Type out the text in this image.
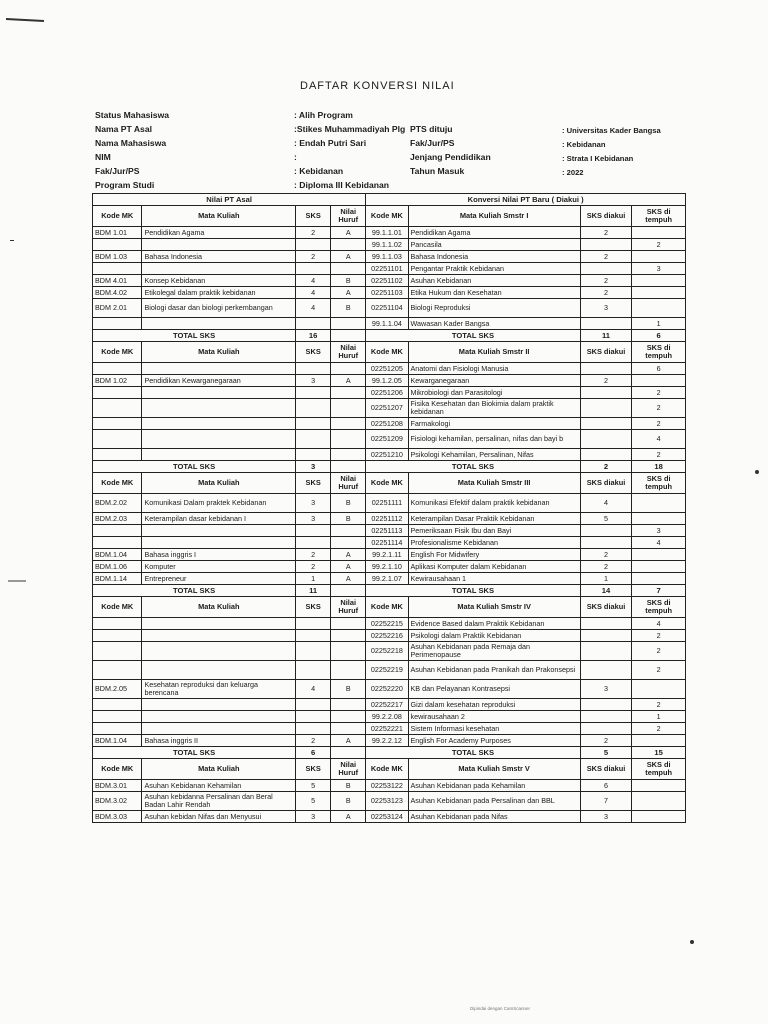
DAFTAR KONVERSI NILAI
Status Mahasiswa	: Alih Program
Nama PT Asal	:Stikes Muhammadiyah Plg
Nama Mahasiswa	: Endah Putri Sari
NIM	:
Fak/Jur/PS	: Kebidanan
Program Studi	: Diploma III Kebidanan
PTS dituju	: Universitas Kader Bangsa
Fak/Jur/PS	: Kebidanan
Jenjang Pendidikan	: Strata I Kebidanan
Tahun Masuk	: 2022
Nilai PT Asal				Konversi Nilai PT Baru ( Diakui )			
Kode MK	Mata Kuliah	SKS	Nilai Huruf	Kode MK	Mata Kuliah Smstr I	SKS diakui	SKS di tempuh
BDM 1.01	Pendidikan Agama	2	A	99.1.1.01	Pendidikan Agama	2	
				99.1.1.02	Pancasila		2
BDM 1.03	Bahasa Indonesia	2	A	99.1.1.03	Bahasa Indonesia	2	
				02251101	Pengantar Praktik Kebidanan		3
BDM 4.01	Konsep Kebidanan	4	B	02251102	Asuhan Kebidanan	2	
BDM.4.02	Etikolegal dalam praktik kebidanan	4	A	02251103	Etika Hukum dan Kesehatan	2	
BDM 2.01	Biologi dasar dan biologi perkembangan	4	B	02251104	Biologi Reproduksi	3	
				99.1.1.04	Wawasan Kader Bangsa		1
TOTAL SKS		16		TOTAL SKS		11	6
Kode MK	Mata Kuliah	SKS	Nilai Huruf	Kode MK	Mata Kuliah Smstr II	SKS diakui	SKS di tempuh
				02251205	Anatomi dan Fisiologi Manusia		6
BDM 1.02	Pendidikan Kewarganegaraan	3	A	99.1.2.05	Kewarganegaraan	2	
				02251206	Mikrobiologi dan Parasitologi		2
				02251207	Fisika Kesehatan dan Biokimia dalam praktik kebidanan		2
				02251208	Farmakologi		2
				02251209	Fisiologi kehamilan, persalinan, nifas dan bayi b		4
				02251210	Psikologi Kehamilan, Persalinan, Nifas		2
TOTAL SKS		3		TOTAL SKS		2	18
Kode MK	Mata Kuliah	SKS	Nilai Huruf	Kode MK	Mata Kuliah Smstr III	SKS diakui	SKS di tempuh
BDM.2.02	Komunikasi Dalam praktek Kebidanan	3	B	02251111	Komunikasi Efektif dalam praktik kebidanan	4	
BDM.2.03	Keterampilan dasar kebidanan I	3	B	02251112	Keterampilan Dasar Praktik Kebidanan	5	
				02251113	Pemeriksaan Fisik Ibu dan Bayi		3
				02251114	Profesionalisme Kebidanan		4
BDM.1.04	Bahasa inggris I	2	A	99.2.1.11	English For Midwifery	2	
BDM.1.06	Komputer	2	A	99.2.1.10	Aplikasi Komputer dalam Kebidanan	2	
BDM.1.14	Entrepreneur	1	A	99.2.1.07	Kewirausahaan 1	1	
TOTAL SKS		11		TOTAL SKS		14	7
Kode MK	Mata Kuliah	SKS	Nilai Huruf	Kode MK	Mata Kuliah Smstr IV	SKS diakui	SKS di tempuh
				02252215	Evidence Based dalam Praktik Kebidanan		4
				02252216	Psikologi dalam Praktik Kebidanan		2
				02252218	Asuhan Kebidanan pada Remaja dan Perimenopause		2
				02252219	Asuhan Kebidanan pada Pranikah dan Prakonsepsi		2
BDM.2.05	Kesehatan reproduksi dan keluarga berencana	4	B	02252220	KB dan Pelayanan Kontrasepsi	3	
				02252217	Gizi dalam kesehatan reproduksi		2
				99.2.2.08	kewirausahaan 2		1
				02252221	Sistem Informasi kesehatan		2
BDM.1.04	Bahasa inggris II	2	A	99.2.2.12	English For Academy Purposes	2	
TOTAL SKS		6		TOTAL SKS		5	15
Kode MK	Mata Kuliah	SKS	Nilai Huruf	Kode MK	Mata Kuliah Smstr V	SKS diakui	SKS di tempuh
BDM.3.01	Asuhan Kebidanan Kehamilan	5	B	02253122	Asuhan Kebidanan pada Kehamilan	6	
BDM.3.02	Asuhan kebidanna Persalinan dan Beral Badan Lahir Rendah	5	B	02253123	Asuhan Kebidanan pada Persalinan dan BBL	7	
BDM.3.03	Asuhan kebidan Nifas dan Menyusui	3	A	02253124	Asuhan Kebidanan pada Nifas	3	
Dipindai dengan CamScanner
